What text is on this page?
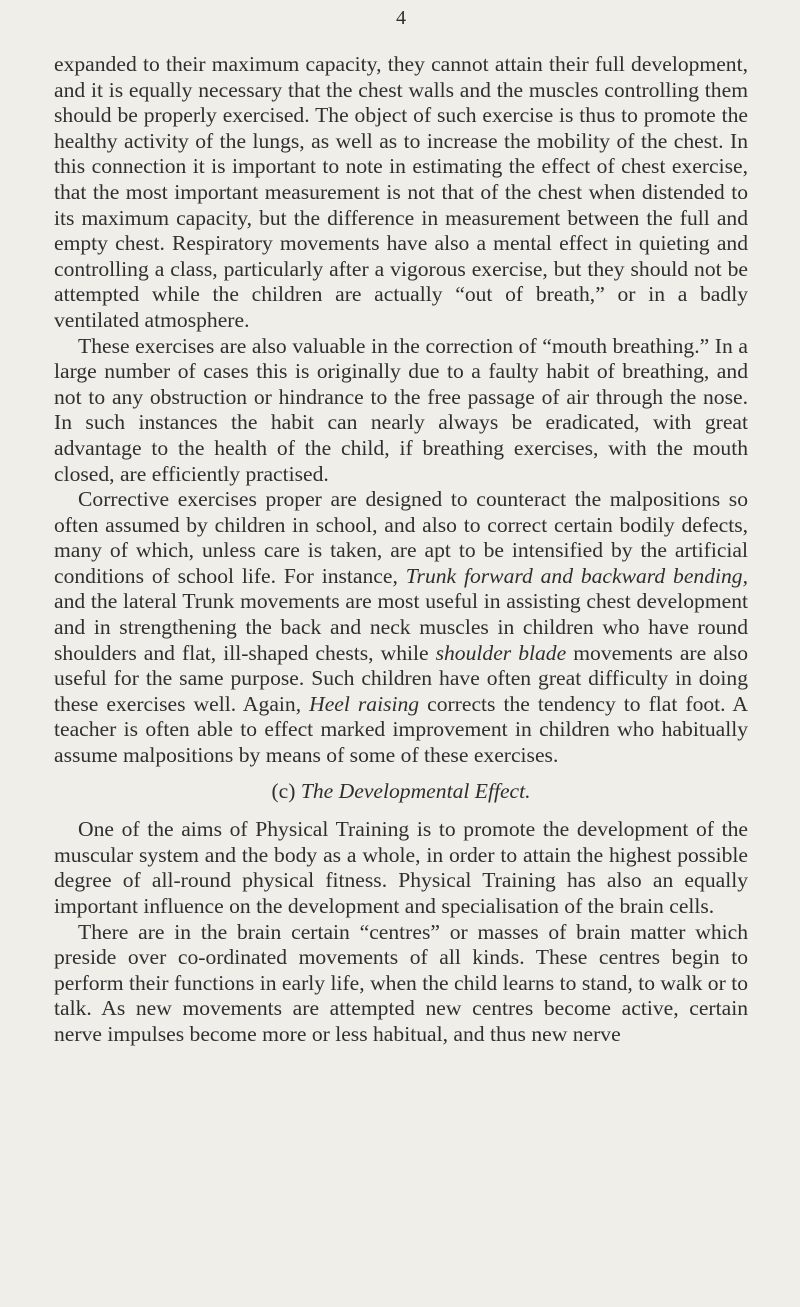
4

expanded to their maximum capacity, they cannot attain their full development, and it is equally necessary that the chest walls and the muscles controlling them should be properly exercised. The object of such exercise is thus to promote the healthy activity of the lungs, as well as to increase the mobility of the chest. In this connection it is important to note in estimating the effect of chest exercise, that the most important measurement is not that of the chest when distended to its maximum capacity, but the difference in measurement between the full and empty chest. Respiratory movements have also a mental effect in quieting and controlling a class, particularly after a vigorous exercise, but they should not be attempted while the children are actually “out of breath,” or in a badly ventilated atmosphere.

These exercises are also valuable in the correction of “mouth breathing.” In a large number of cases this is originally due to a faulty habit of breathing, and not to any obstruction or hindrance to the free passage of air through the nose. In such instances the habit can nearly always be eradicated, with great advantage to the health of the child, if breathing exercises, with the mouth closed, are efficiently practised.

Corrective exercises proper are designed to counteract the malpositions so often assumed by children in school, and also to correct certain bodily defects, many of which, unless care is taken, are apt to be intensified by the artificial conditions of school life. For instance, Trunk forward and backward bending, and the lateral Trunk movements are most useful in assisting chest development and in strengthening the back and neck muscles in children who have round shoulders and flat, ill-shaped chests, while shoulder blade movements are also useful for the same purpose. Such children have often great difficulty in doing these exercises well. Again, Heel raising corrects the tendency to flat foot. A teacher is often able to effect marked improvement in children who habitually assume malpositions by means of some of these exercises.

(c) The Developmental Effect.

One of the aims of Physical Training is to promote the development of the muscular system and the body as a whole, in order to attain the highest possible degree of all-round physical fitness. Physical Training has also an equally important influence on the development and specialisation of the brain cells.

There are in the brain certain “centres” or masses of brain matter which preside over co-ordinated movements of all kinds. These centres begin to perform their functions in early life, when the child learns to stand, to walk or to talk. As new movements are attempted new centres become active, certain nerve impulses become more or less habitual, and thus new nerve
